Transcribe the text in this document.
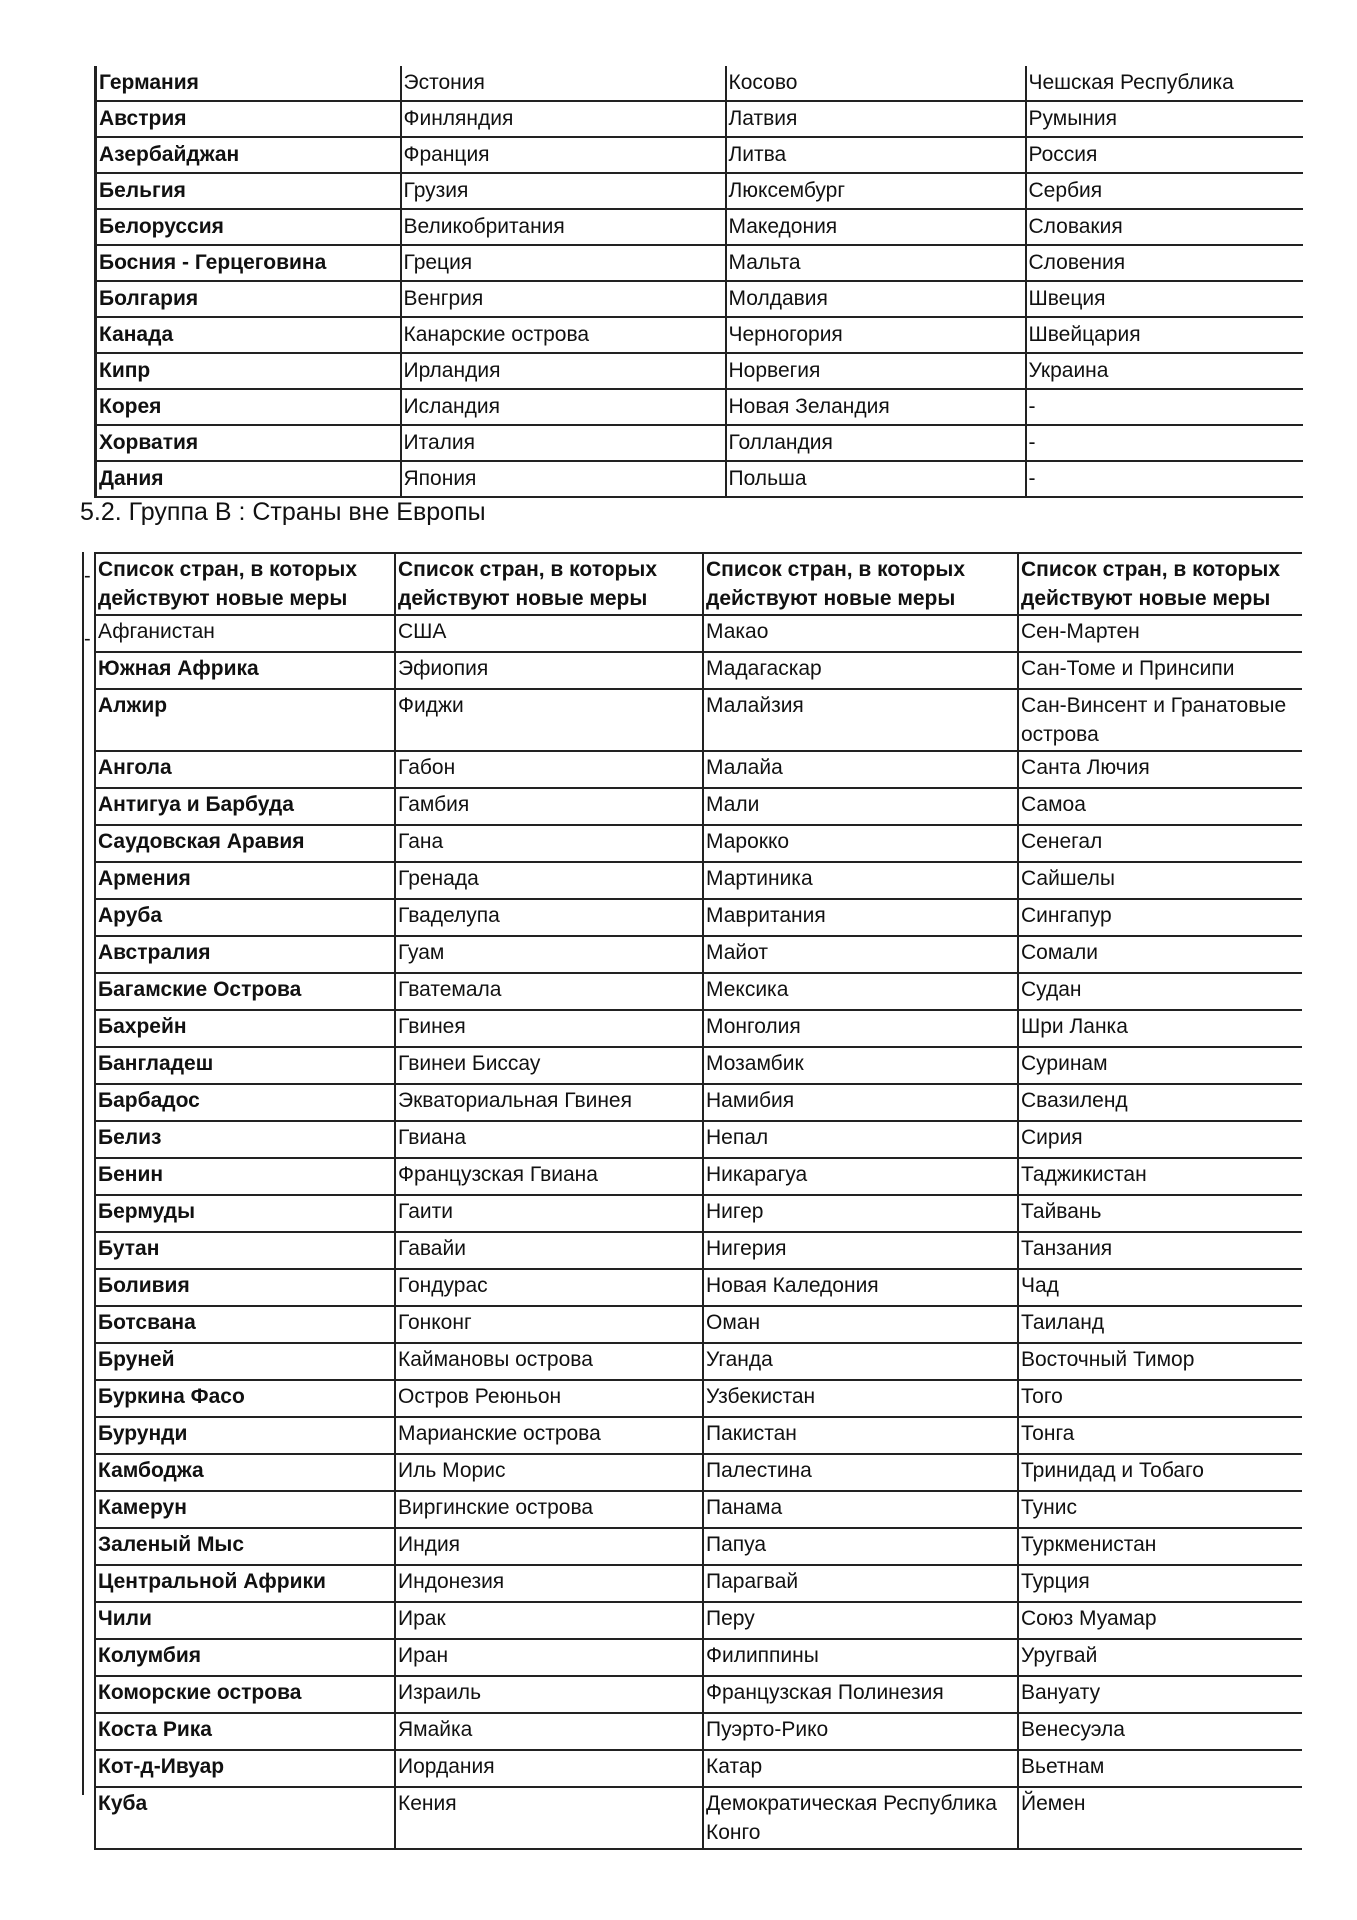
Германия	Эстония	Косово	Чешская Республика
Австрия	Финляндия	Латвия	Румыния
Азербайджан	Франция	Литва	Россия
Бельгия	Грузия	Люксембург	Сербия
Белоруссия	Великобритания	Македония	Словакия
Босния - Герцеговина	Греция	Мальта	Словения
Болгария	Венгрия	Молдавия	Швеция
Канада	Канарские острова	Черногория	Швейцария
Кипр	Ирландия	Норвегия	Украина
Корея	Исландия	Новая Зеландия	-
Хорватия	Италия	Голландия	-
Дания	Япония	Польша	-
5.2. Группа В : Страны вне Европы
-
-
Список стран, в которых действуют новые меры	Список стран, в которых действуют новые меры	Список стран, в которых действуют новые меры	Список стран, в которых действуют новые меры
Афганистан	США	Макао	Сен-Мартен
Южная Африка	Эфиопия	Мадагаскар	Сан-Томе и Принсипи
Алжир	Фиджи	Малайзия	Сан-Винсент и Гранатовые острова
Ангола	Габон	Малайа	Санта Лючия
Антигуа и Барбуда	Гамбия	Мали	Самоа
Саудовская Аравия	Гана	Марокко	Сенегал
Армения	Гренада	Мартиника	Сайшелы
Аруба	Гваделупа	Мавритания	Сингапур
Австралия	Гуам	Майот	Сомали
Багамские Острова	Гватемала	Мексика	Судан
Бахрейн	Гвинея	Монголия	Шри Ланка
Бангладеш	Гвинеи Биссау	Мозамбик	Суринам
Барбадос	Экваториальная Гвинея	Намибия	Свазиленд
Белиз	Гвиана	Непал	Сирия
Бенин	Французская Гвиана	Никарагуа	Таджикистан
Бермуды	Гаити	Нигер	Тайвань
Бутан	Гавайи	Нигерия	Танзания
Боливия	Гондурас	Новая Каледония	Чад
Ботсвана	Гонконг	Оман	Таиланд
Бруней	Каймановы острова	Уганда	Восточный Тимор
Буркина Фасо	Остров Реюньон	Узбекистан	Того
Бурунди	Марианские острова	Пакистан	Тонга
Камбоджа	Иль Морис	Палестина	Тринидад и Тобаго
Камерун	Виргинские острова	Панама	Тунис
Заленый Мыс	Индия	Папуа	Туркменистан
Центральной Африки	Индонезия	Парагвай	Турция
Чили	Ирак	Перу	Союз Муамар
Колумбия	Иран	Филиппины	Уругвай
Коморские острова	Израиль	Французская Полинезия	Вануату
Коста Рика	Ямайка	Пуэрто-Рико	Венесуэла
Кот-д-Ивуар	Иордания	Катар	Вьетнам
Куба	Кения	Демократическая Республика Конго	Йемен
